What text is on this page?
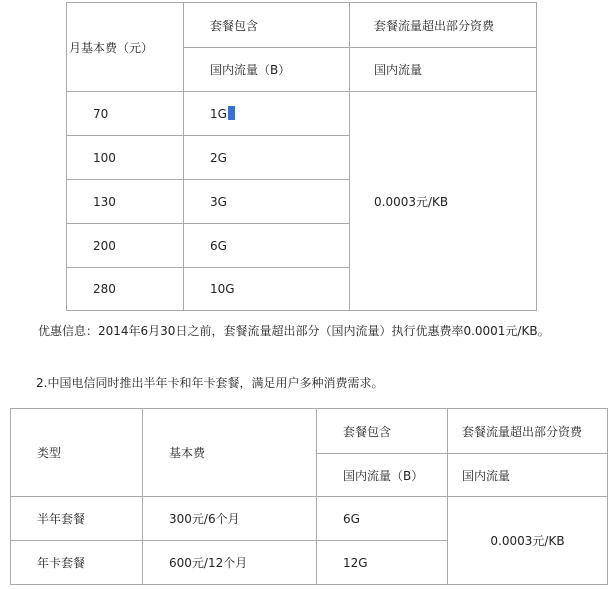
月基本费（元）	套餐包含	套餐流量超出部分资费
	国内流量（B）	国内流量
70	1G	0.0003元/KB
100	2G	
130	3G	
200	6G	
280	10G	
优惠信息：2014年6月30日之前，套餐流量超出部分（国内流量）执行优惠费率0.0001元/KB。
2.中国电信同时推出半年卡和年卡套餐，满足用户多种消费需求。
类型	基本费	套餐包含	套餐流量超出部分资费
		国内流量（B）	国内流量
半年套餐	300元/6个月	6G	0.0003元/KB
年卡套餐	600元/12个月	12G	
